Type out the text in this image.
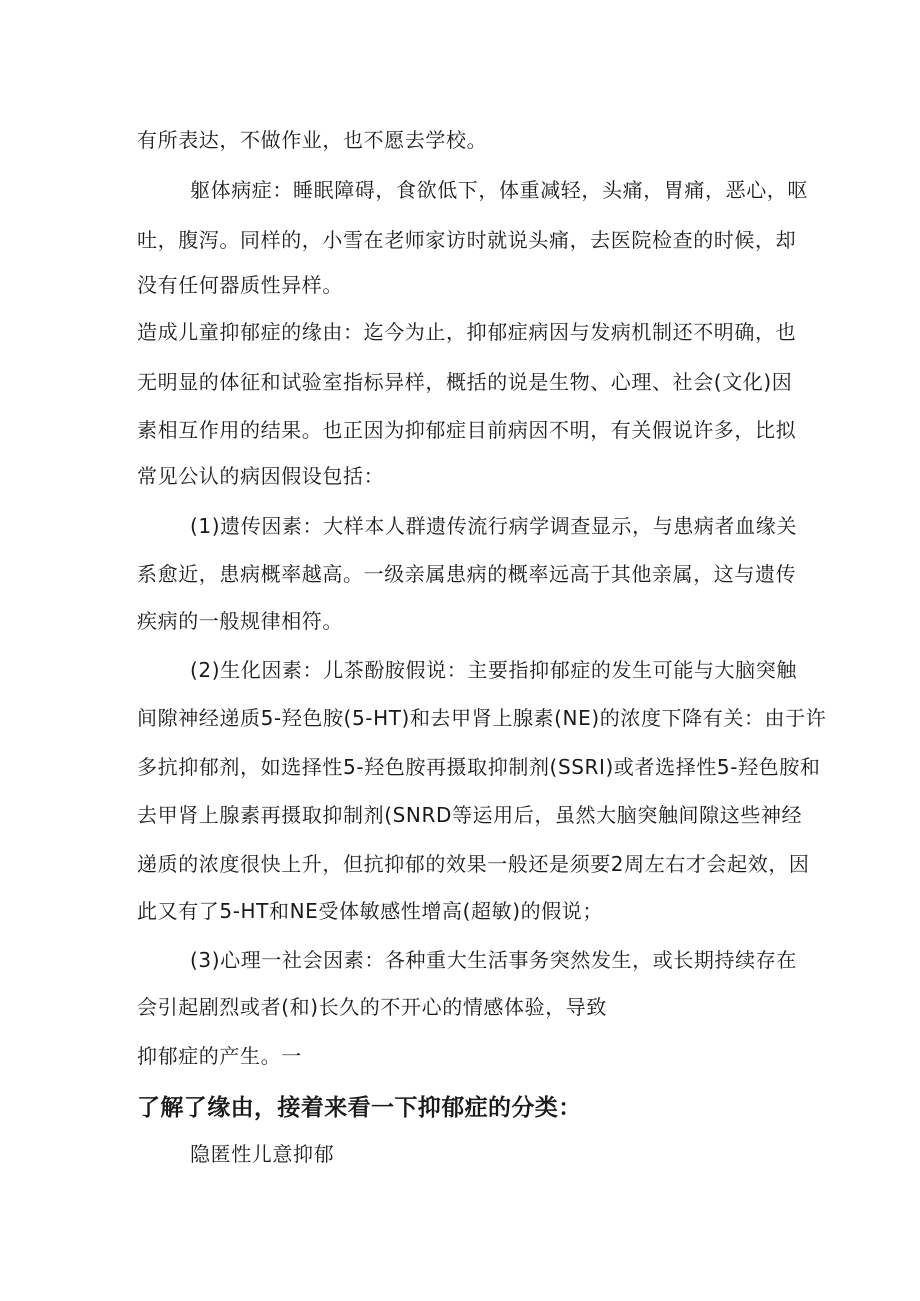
有所表达，不做作业，也不愿去学校。
躯体病症：睡眠障碍，食欲低下，体重减轻，头痛，胃痛，恶心，呕
吐，腹泻。同样的，小雪在老师家访时就说头痛，去医院检查的时候，却
没有任何器质性异样。
造成儿童抑郁症的缘由：迄今为止，抑郁症病因与发病机制还不明确，也
无明显的体征和试验室指标异样，概括的说是生物、心理、社会(文化)因
素相互作用的结果。也正因为抑郁症目前病因不明，有关假说许多，比拟
常见公认的病因假设包括：
(1)遗传因素：大样本人群遗传流行病学调查显示，与患病者血缘关
系愈近，患病概率越高。一级亲属患病的概率远高于其他亲属，这与遗传
疾病的一般规律相符。
(2)生化因素：儿茶酚胺假说：主要指抑郁症的发生可能与大脑突触
间隙神经递质5-羟色胺(5-HT)和去甲肾上腺素(NE)的浓度下降有关：由于许
多抗抑郁剂，如选择性5-羟色胺再摄取抑制剂(SSRI)或者选择性5-羟色胺和
去甲肾上腺素再摄取抑制剂(SNRD等运用后，虽然大脑突触间隙这些神经
递质的浓度很快上升，但抗抑郁的效果一般还是须要2周左右才会起效，因
此又有了5-HT和NE受体敏感性增高(超敏)的假说；
(3)心理一社会因素：各种重大生活事务突然发生，或长期持续存在
会引起剧烈或者(和)长久的不开心的情感体验，导致
抑郁症的产生。一
了解了缘由，接着来看一下抑郁症的分类：
隐匿性儿意抑郁
